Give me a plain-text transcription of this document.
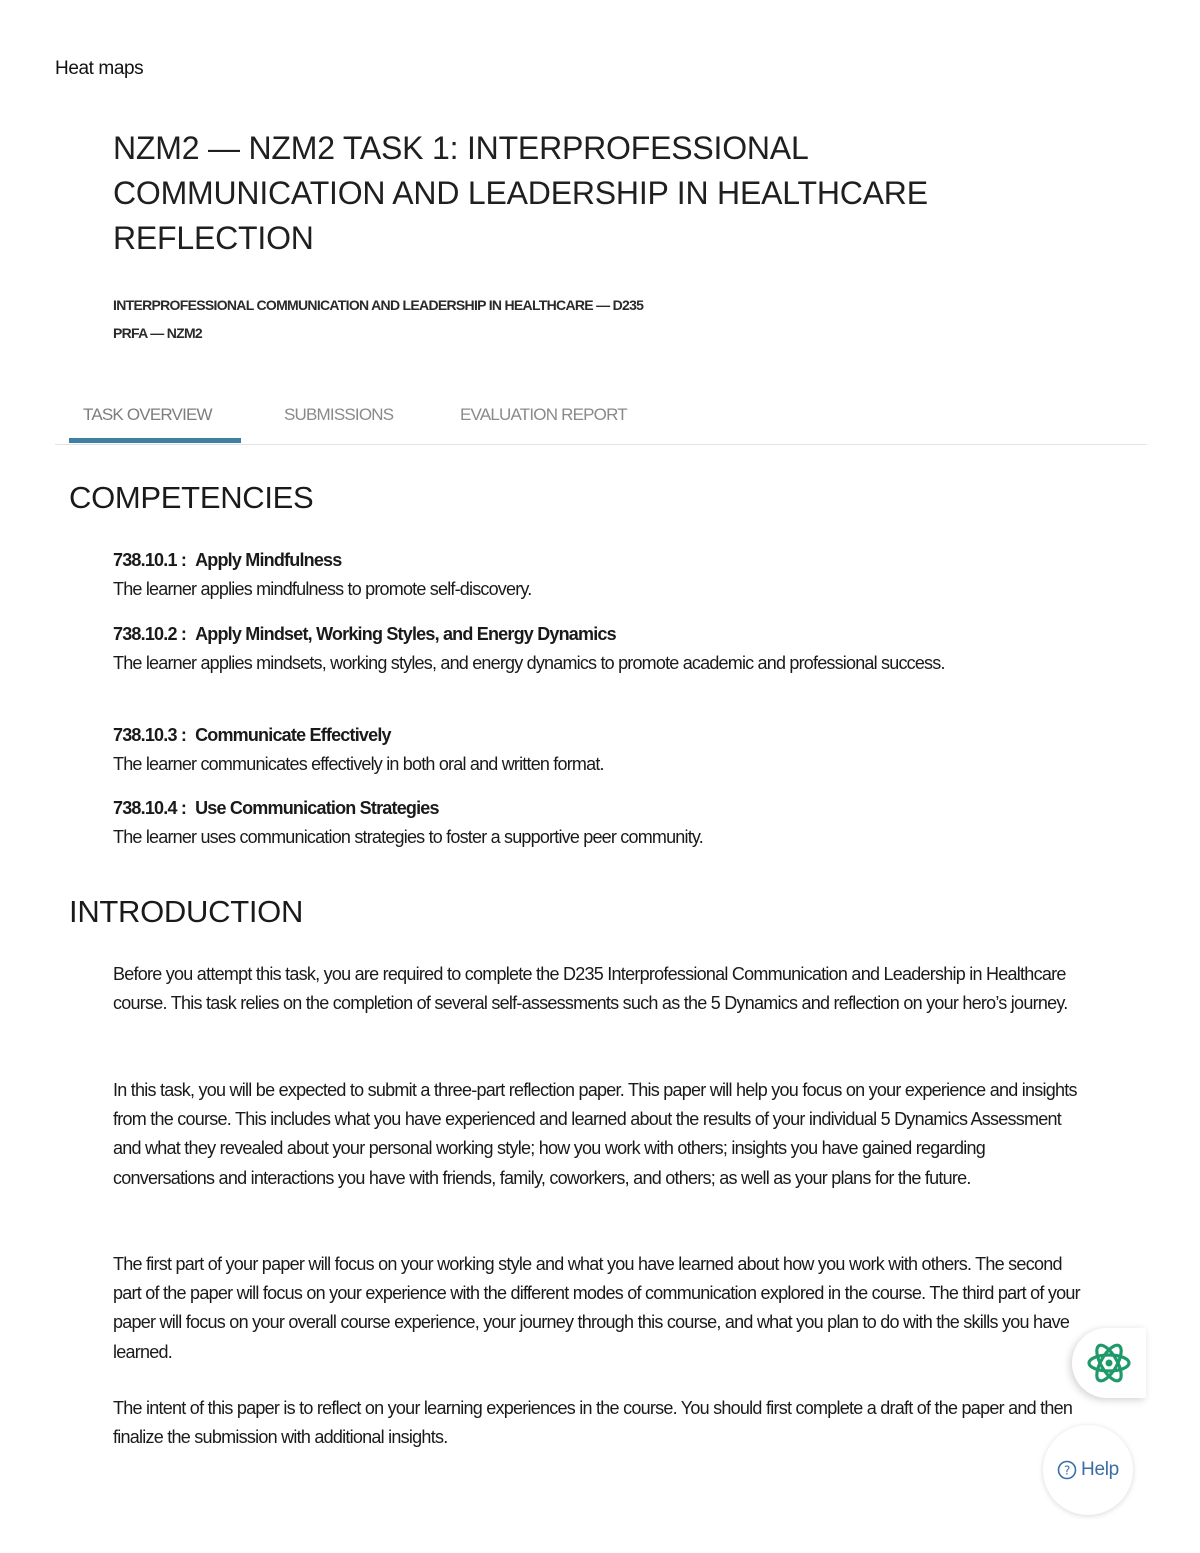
Heat maps
NZM2 — NZM2 TASK 1: INTERPROFESSIONAL COMMUNICATION AND LEADERSHIP IN HEALTHCARE REFLECTION
INTERPROFESSIONAL COMMUNICATION AND LEADERSHIP IN HEALTHCARE — D235
PRFA — NZM2
TASK OVERVIEW	SUBMISSIONS	EVALUATION REPORT
COMPETENCIES
738.10.1 : Apply Mindfulness
The learner applies mindfulness to promote self-discovery.
738.10.2 : Apply Mindset, Working Styles, and Energy Dynamics
The learner applies mindsets, working styles, and energy dynamics to promote academic and professional success.
738.10.3 : Communicate Effectively
The learner communicates effectively in both oral and written format.
738.10.4 : Use Communication Strategies
The learner uses communication strategies to foster a supportive peer community.
INTRODUCTION

Before you attempt this task, you are required to complete the D235 Interprofessional Communication and Leadership in Healthcare course. This task relies on the completion of several self-assessments such as the 5 Dynamics and reflection on your hero’s journey.

In this task, you will be expected to submit a three-part reflection paper. This paper will help you focus on your experience and insights from the course. This includes what you have experienced and learned about the results of your individual 5 Dynamics Assessment and what they revealed about your personal working style; how you work with others; insights you have gained regarding conversations and interactions you have with friends, family, coworkers, and others; as well as your plans for the future.

The first part of your paper will focus on your working style and what you have learned about how you work with others. The second part of the paper will focus on your experience with the different modes of communication explored in the course. The third part of your paper will focus on your overall course experience, your journey through this course, and what you plan to do with the skills you have learned.

The intent of this paper is to reflect on your learning experiences in the course. You should first complete a draft of the paper and then finalize the submission with additional insights.

? Help
